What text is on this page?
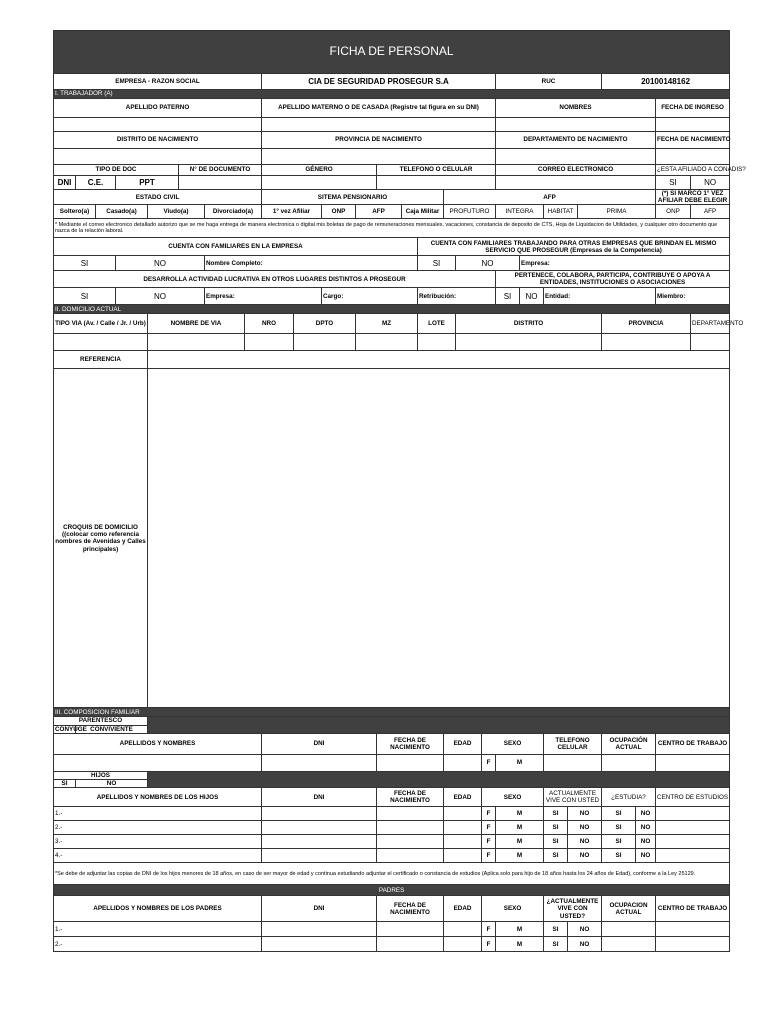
FICHA DE PERSONAL																										
EMPRESA - RAZON SOCIAL								CIA DE SEGURIDAD PROSEGUR S.A										RUC					20100148162			
I. TRABAJADOR (A)																										
APELLIDO PATERNO								APELLIDO MATERNO O DE CASADA (Registre tal figura en su DNI)										NOMBRES							FECHA DE INGRESO	

DISTRITO DE NACIMIENTO								PROVINCIA DE NACIMIENTO										DEPARTAMENTO DE NACIMIENTO							FECHA DE NACIMIENTO	

TIPO DE DOC					N° DE DOCUMENTO			GÉNERO				TELEFONO O CELULAR						CORREO ELECTRONICO							¿ESTA AFILIADO A CONADIS?	
DNI	C.E.		PPT																						SI	NO
ESTADO CIVIL								SITEMA PENSIONARIO							AFP										(*) SI MARCO 1° VEZ AFILIAR DEBE ELEGIR	
Soltero(a)		Casado(a)		Viudo(a)		Divorciado(a)		1° vez Afiliar		ONP	AFP		Caja Militar		PROFUTURO			INTEGRA		HABITAT		PRIMA			ONP	AFP
* Mediante el correo electronico detallado autorizo que se me haga entrega de manera electronica o digital mis boletas de pago de remuneraciones mensuales, vacaciones, constancia de deposito de CTS, Hoja de Liquidacion de Utilidades, y cualquier otro documento que nazca de la relación laboral.																										
CUENTA CON FAMILIARES EN LA EMPRESA														CUENTA CON FAMILIARES TRABAJANDO PARA OTRAS EMPRESAS QUE BRINDAN EL MISMO SERVICIO QUE PROSEGUR (Empresas de la Competencia)												
SI			NO			Nombre Completo:								SI		NO			Empresa:							
DESARROLLA ACTIVIDAD LUCRATIVA EN OTROS LUGARES DISTINTOS A PROSEGUR																		PERTENECE, COLABORA, PARTICIPA, CONTRIBUYE O APOYA A ENTIDADES, INSTITUCIONES O ASOCIACIONES								
SI			NO			Empresa:				Cargo:				Retribución:				SI	NO	Entidad:					Miembro:	
II. DOMICILIO ACTUAL																										
TIPO VIA (Av. / Calle / Jr. / Urb)				NOMBRE DE VIA			NRO		DPTO		MZ			LOTE		DISTRITO							PROVINCIA			DEPARTAMENTO

REFERENCIA																										
CROQUIS DE DOMICILIO ((colocar como referencia nombres de Avenidas y Calles principales)																										
III. COMPOSICION FAMILIAR																										
PARENTESCO																										
CONYUGE	CONVIVIENTE																									
APELLIDOS Y NOMBRES								DNI				FECHA DE NACIMIENTO			EDAD		SEXO			TELEFONO CELULAR			OCUPACIÓN ACTUAL		CENTRO DE TRABAJO	
																	F	M								
HIJOS																										
SI	NO																									
APELLIDOS Y NOMBRES DE LOS HIJOS								DNI				FECHA DE NACIMIENTO			EDAD		SEXO			ACTUALMENTE VIVE CON USTED			¿ESTUDIA?		CENTRO DE ESTUDIOS	
1.-																	F	M		SI	NO		SI	NO		
2.-																	F	M		SI	NO		SI	NO		
3.-																	F	M		SI	NO		SI	NO		
4.-																	F	M		SI	NO		SI	NO		
*Se debe de adjuntar las copias de DNI de los hijos menores de 18 años, en caso de ser mayor de edad y continua estudiando adjuntar el certificado o constancia de estudios (Aplica solo para hijo de 18 años hasta los 24 años de Edad), conforme a la Ley 25129.																										
PADRES																										
APELLIDOS Y NOMBRES DE LOS PADRES								DNI				FECHA DE NACIMIENTO			EDAD		SEXO			¿ACTUALMENTE VIVE CON USTED?			OCUPACION ACTUAL		CENTRO DE TRABAJO	
1.-																	F	M		SI	NO					
2.-																	F	M		SI	NO					
